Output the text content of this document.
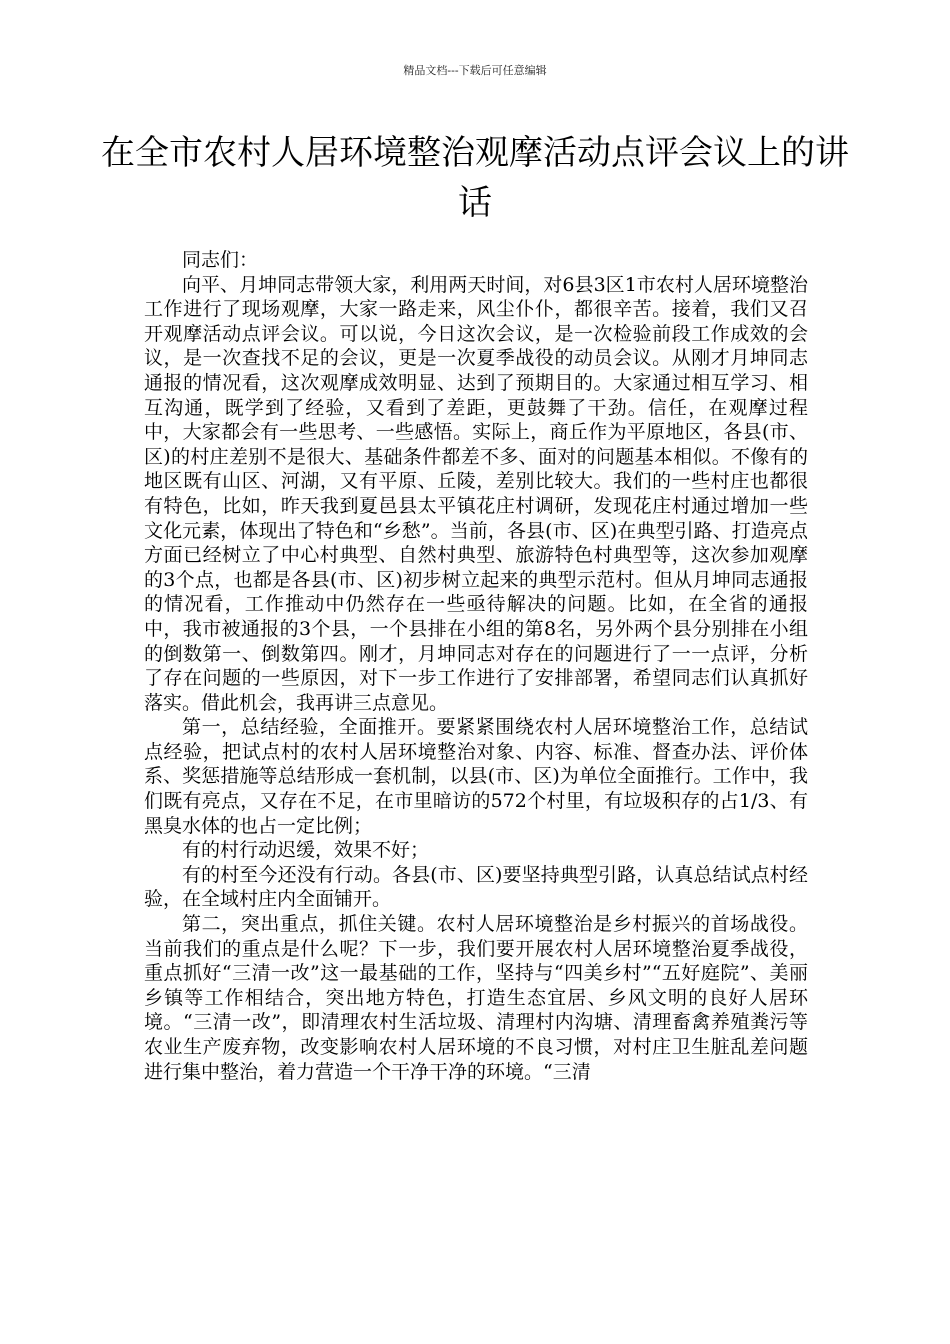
精品文档---下载后可任意编辑
在全市农村人居环境整治观摩活动点评会议上的讲话

同志们：

向平、月坤同志带领大家，利用两天时间，对6县3区1市农村人居环境整治工作进行了现场观摩，大家一路走来，风尘仆仆，都很辛苦。接着，我们又召开观摩活动点评会议。可以说，今日这次会议，是一次检验前段工作成效的会议，是一次查找不足的会议，更是一次夏季战役的动员会议。从刚才月坤同志通报的情况看，这次观摩成效明显、达到了预期目的。大家通过相互学习、相互沟通，既学到了经验，又看到了差距，更鼓舞了干劲。信任，在观摩过程中，大家都会有一些思考、一些感悟。实际上，商丘作为平原地区，各县(市、区)的村庄差别不是很大、基础条件都差不多、面对的问题基本相似。不像有的地区既有山区、河湖，又有平原、丘陵，差别比较大。我们的一些村庄也都很有特色，比如，昨天我到夏邑县太平镇花庄村调研，发现花庄村通过增加一些文化元素，体现出了特色和“乡愁”。当前，各县(市、区)在典型引路、打造亮点方面已经树立了中心村典型、自然村典型、旅游特色村典型等，这次参加观摩的3个点，也都是各县(市、区)初步树立起来的典型示范村。但从月坤同志通报的情况看，工作推动中仍然存在一些亟待解决的问题。比如，在全省的通报中，我市被通报的3个县，一个县排在小组的第8名，另外两个县分别排在小组的倒数第一、倒数第四。刚才，月坤同志对存在的问题进行了一一点评，分析了存在问题的一些原因，对下一步工作进行了安排部署，希望同志们认真抓好落实。借此机会，我再讲三点意见。

第一，总结经验，全面推开。要紧紧围绕农村人居环境整治工作，总结试点经验，把试点村的农村人居环境整治对象、内容、标准、督查办法、评价体系、奖惩措施等总结形成一套机制，以县(市、区)为单位全面推行。工作中，我们既有亮点，又存在不足，在市里暗访的572个村里，有垃圾积存的占1/3、有黑臭水体的也占一定比例；

有的村行动迟缓，效果不好；

有的村至今还没有行动。各县(市、区)要坚持典型引路，认真总结试点村经验，在全域村庄内全面铺开。

第二，突出重点，抓住关键。农村人居环境整治是乡村振兴的首场战役。当前我们的重点是什么呢？下一步，我们要开展农村人居环境整治夏季战役，重点抓好“三清一改”这一最基础的工作，坚持与“四美乡村”“五好庭院”、美丽乡镇等工作相结合，突出地方特色，打造生态宜居、乡风文明的良好人居环境。“三清一改”，即清理农村生活垃圾、清理村内沟塘、清理畜禽养殖粪污等农业生产废弃物，改变影响农村人居环境的不良习惯，对村庄卫生脏乱差问题进行集中整治，着力营造一个干净干净的环境。“三清
